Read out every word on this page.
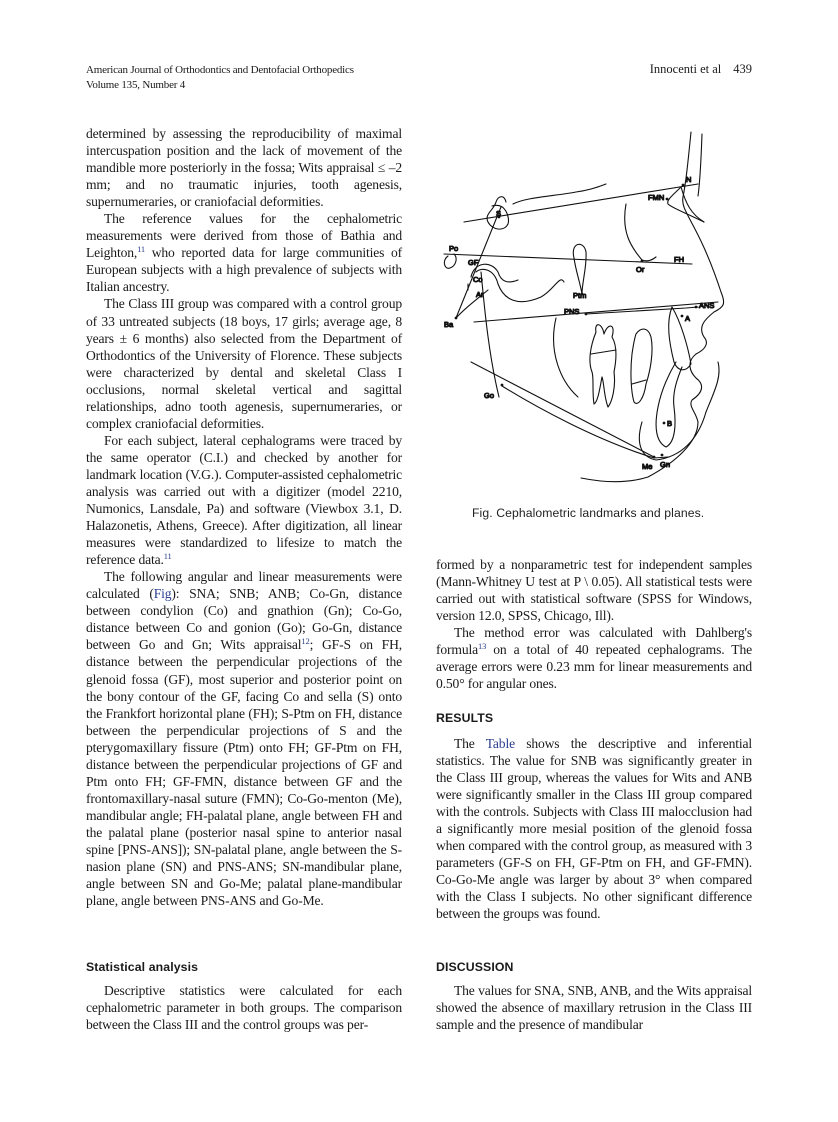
American Journal of Orthodontics and Dentofacial Orthopedics
Volume 135, Number 4
Innocenti et al 439

determined by assessing the reproducibility of maximal intercuspation position and the lack of movement of the mandible more posteriorly in the fossa; Wits appraisal ≤ –2 mm; and no traumatic injuries, tooth agenesis, supernumeraries, or craniofacial deformities.

The reference values for the cephalometric measurements were derived from those of Bathia and Leighton,$^{11}$ who reported data for large communities of European subjects with a high prevalence of subjects with Italian ancestry.

The Class III group was compared with a control group of 33 untreated subjects (18 boys, 17 girls; average age, 8 years ± 6 months) also selected from the Department of Orthodontics of the University of Florence. These subjects were characterized by dental and skeletal Class I occlusions, normal skeletal vertical and sagittal relationships, adno tooth agenesis, supernumeraries, or complex craniofacial deformities.

For each subject, lateral cephalograms were traced by the same operator (C.I.) and checked by another for landmark location (V.G.). Computer-assisted cephalometric analysis was carried out with a digitizer (model 2210, Numonics, Lansdale, Pa) and software (Viewbox 3.1, D. Halazonetis, Athens, Greece). After digitization, all linear measures were standardized to lifesize to match the reference data.$^{11}$

The following angular and linear measurements were calculated (Fig): SNA; SNB; ANB; Co-Gn, distance between condylion (Co) and gnathion (Gn); Co-Go, distance between Co and gonion (Go); Go-Gn, distance between Go and Gn; Wits appraisal$^{12}$; GF-S on FH, distance between the perpendicular projections of the glenoid fossa (GF), most superior and posterior point on the bony contour of the GF, facing Co and sella (S) onto the Frankfort horizontal plane (FH); S-Ptm on FH, distance between the perpendicular projections of S and the pterygomaxillary fissure (Ptm) onto FH; GF-Ptm on FH, distance between the perpendicular projections of GF and Ptm onto FH; GF-FMN, distance between GF and the frontomaxillary-nasal suture (FMN); Co-Go-menton (Me), mandibular angle; FH-palatal plane, angle between FH and the palatal plane (posterior nasal spine to anterior nasal spine [PNS-ANS]); SN-palatal plane, angle between the S-nasion plane (SN) and PNS-ANS; SN-mandibular plane, angle between SN and Go-Me; palatal plane-mandibular plane, angle between PNS-ANS and Go-Me.

Statistical analysis

Descriptive statistics were calculated for each cephalometric parameter in both groups. The comparison between the Class III and the control groups was per-

S
N
FMN
Po
GF
Co
Ar
Ba
Or
FH
Ptm
PNS
ANS
A
Go
B
Me Gn
Fig. Cephalometric landmarks and planes.

formed by a nonparametric test for independent samples (Mann-Whitney U test at P \ 0.05). All statistical tests were carried out with statistical software (SPSS for Windows, version 12.0, SPSS, Chicago, Ill).

The method error was calculated with Dahlberg's formula$^{13}$ on a total of 40 repeated cephalograms. The average errors were 0.23 mm for linear measurements and 0.50° for angular ones.

RESULTS

The Table shows the descriptive and inferential statistics. The value for SNB was significantly greater in the Class III group, whereas the values for Wits and ANB were significantly smaller in the Class III group compared with the controls. Subjects with Class III malocclusion had a significantly more mesial position of the glenoid fossa when compared with the control group, as measured with 3 parameters (GF-S on FH, GF-Ptm on FH, and GF-FMN). Co-Go-Me angle was larger by about 3° when compared with the Class I subjects. No other significant difference between the groups was found.

DISCUSSION

The values for SNA, SNB, ANB, and the Wits appraisal showed the absence of maxillary retrusion in the Class III sample and the presence of mandibular
